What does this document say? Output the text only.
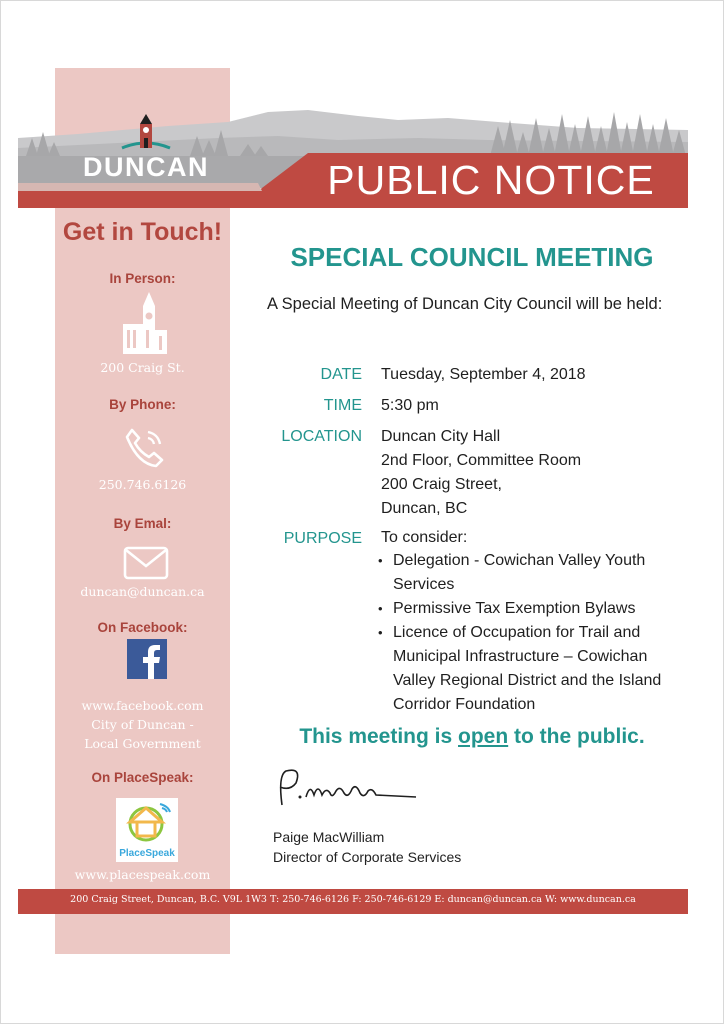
Get in Touch!
In Person:
200 Craig St.
By Phone:
250.746.6126
By Emal:
duncan@duncan.ca
On Facebook:
www.facebook.com
City of Duncan -
Local Government
On PlaceSpeak:
PlaceSpeak
www.placespeak.com
PUBLIC NOTICE
DUNCAN
SPECIAL COUNCIL MEETING
A Special Meeting of Duncan City Council will be held:
DATE Tuesday, September 4, 2018
TIME 5:30 pm
LOCATION Duncan City Hall
2nd Floor, Committee Room
200 Craig Street,
Duncan, BC
PURPOSE To consider:
• Delegation - Cowichan Valley Youth Services
• Permissive Tax Exemption Bylaws
• Licence of Occupation for Trail and Municipal Infrastructure – Cowichan Valley Regional District and the Island Corridor Foundation
This meeting is open to the public.
Paige MacWilliam
Director of Corporate Services
200 Craig Street, Duncan, B.C. V9L 1W3 T: 250-746-6126 F: 250-746-6129 E: duncan@duncan.ca W: www.duncan.ca
